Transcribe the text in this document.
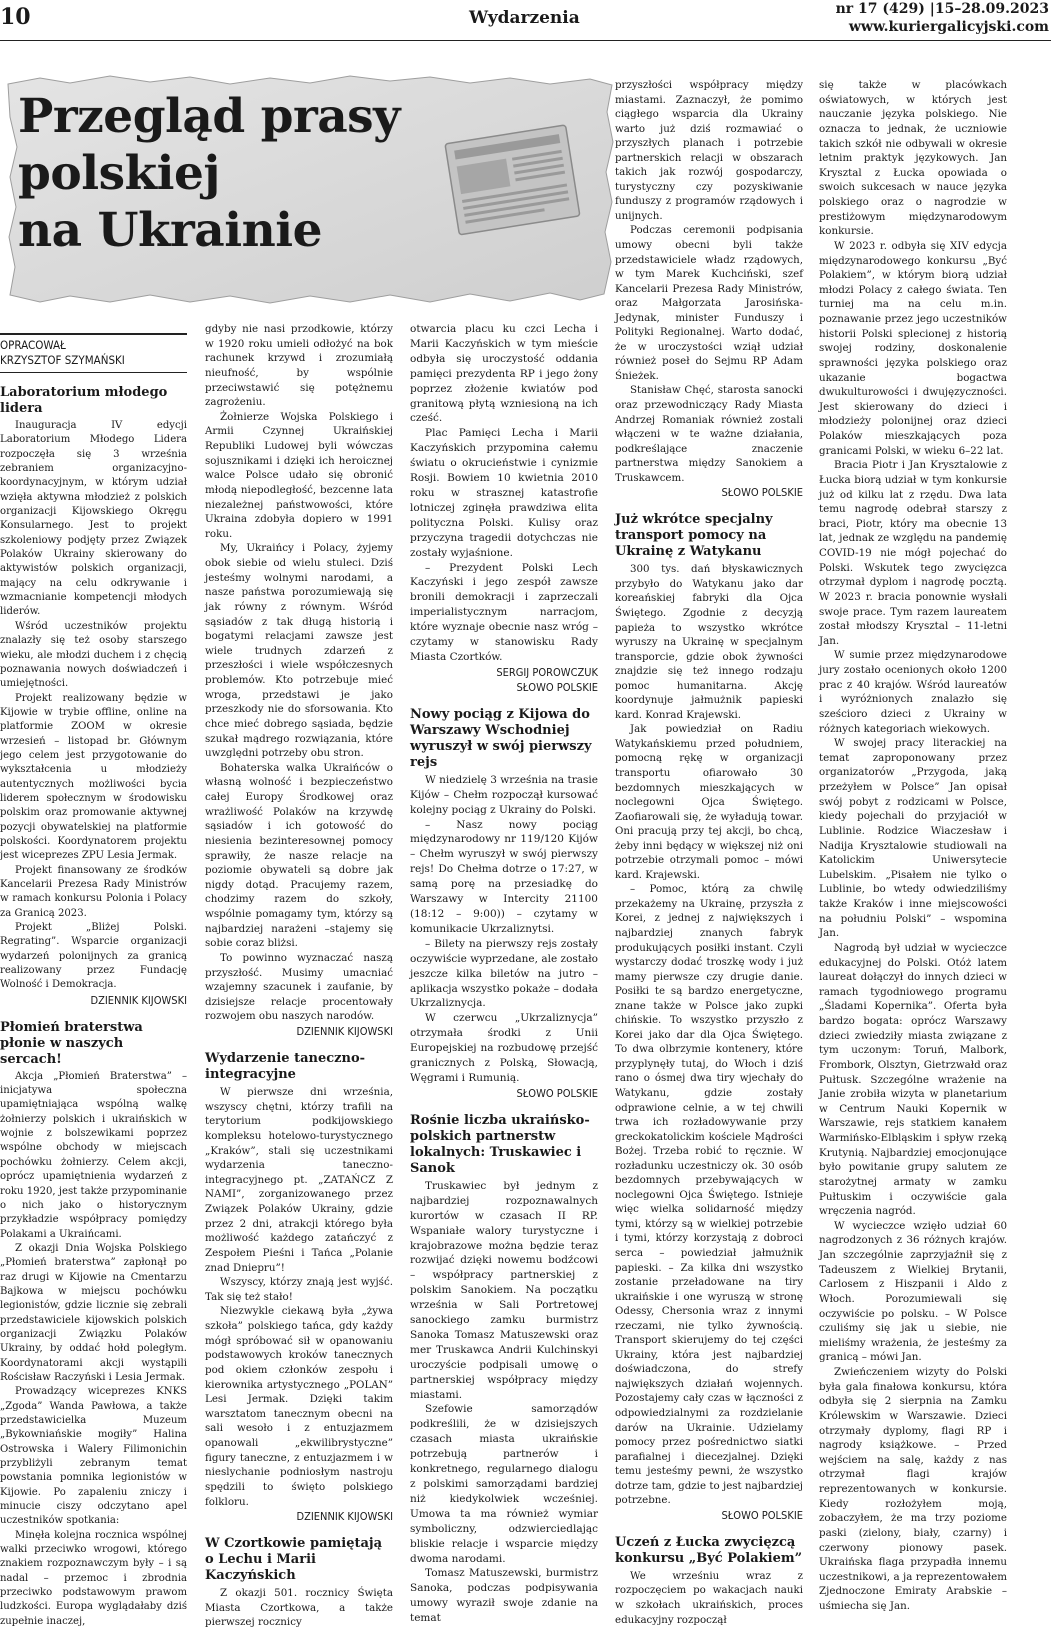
10	Wydarzenia	nr 17 (429) |15–28.09.2023
www.kuriergalicyjski.com
Przegląd prasy
polskiej
na Ukrainie
OPRACOWAŁ
KRZYSZTOF SZYMAŃSKI
Laboratorium młodego lidera

Inauguracja IV edycji Laboratorium Młodego Lidera rozpoczęła się 3 września zebraniem organizacyjno-koordynacyjnym, w którym udział wzięła aktywna młodzież z polskich organizacji Kijowskiego Okręgu Konsularnego. Jest to projekt szkoleniowy podjęty przez Związek Polaków Ukrainy skierowany do aktywistów polskich organizacji, mający na celu odkrywanie i wzmacnianie kompetencji młodych liderów.

Wśród uczestników projektu znalazły się też osoby starszego wieku, ale młodzi duchem i z chęcią poznawania nowych doświadczeń i umiejętności.

Projekt realizowany będzie w Kijowie w trybie offline, online na platformie ZOOM w okresie wrzesień – listopad br. Głównym jego celem jest przygotowanie do wykształcenia u młodzieży autentycznych możliwości bycia liderem społecznym w środowisku polskim oraz promowanie aktywnej pozycji obywatelskiej na platformie polskości. Koordynatorem projektu jest wiceprezes ZPU Lesia Jermak.

Projekt finansowany ze środków Kancelarii Prezesa Rady Ministrów w ramach konkursu Polonia i Polacy za Granicą 2023.

Projekt „Bliżej Polski. Regrating”. Wsparcie organizacji wydarzeń polonijnych za granicą realizowany przez Fundację Wolność i Demokracja.

DZIENNIK KIJOWSKI

Płomień braterstwa płonie w naszych sercach!

Akcja „Płomień Braterstwa” – inicjatywa społeczna upamiętniająca wspólną walkę żołnierzy polskich i ukraińskich w wojnie z bolszewikami poprzez wspólne obchody w miejscach pochówku żołnierzy. Celem akcji, oprócz upamiętnienia wydarzeń z roku 1920, jest także przypominanie o nich jako o historycznym przykładzie współpracy pomiędzy Polakami a Ukraińcami.

Z okazji Dnia Wojska Polskiego „Płomień braterstwa” zapłonął po raz drugi w Kijowie na Cmentarzu Bajkowa w miejscu pochówku legionistów, gdzie licznie się zebrali przedstawiciele kijowskich polskich organizacji Związku Polaków Ukrainy, by oddać hołd poległym. Koordynatorami akcji wystąpili Rościsław Raczyński i Lesia Jermak.

Prowadzący wiceprezes KNKS „Zgoda” Wanda Pawłowa, a także przedstawicielka Muzeum „Bykowniańskie mogiły” Halina Ostrowska i Walery Filimonichin przybliżyli zebranym temat powstania pomnika legionistów w Kijowie. Po zapaleniu zniczy i minucie ciszy odczytano apel uczestników spotkania:

Minęła kolejna rocznica wspólnej walki przeciwko wrogowi, którego znakiem rozpoznawczym były – i są nadal – przemoc i zbrodnia przeciwko podstawowym prawom ludzkości. Europa wyglądałaby dziś zupełnie inaczej,

gdyby nie nasi przodkowie, którzy w 1920 roku umieli odłożyć na bok rachunek krzywd i zrozumiałą nieufność, by wspólnie przeciwstawić się potężnemu zagrożeniu.

Żołnierze Wojska Polskiego i Armii Czynnej Ukraińskiej Republiki Ludowej byli wówczas sojusznikami i dzięki ich heroicznej walce Polsce udało się obronić młodą niepodległość, bezcenne lata niezależnej państwowości, które Ukraina zdobyła dopiero w 1991 roku.

My, Ukraińcy i Polacy, żyjemy obok siebie od wielu stuleci. Dziś jesteśmy wolnymi narodami, a nasze państwa porozumiewają się jak równy z równym. Wśród sąsiadów z tak długą historią i bogatymi relacjami zawsze jest wiele trudnych zdarzeń z przeszłości i wiele współczesnych problemów. Kto potrzebuje mieć wroga, przedstawi je jako przeszkody nie do sforsowania. Kto chce mieć dobrego sąsiada, będzie szukał mądrego rozwiązania, które uwzględni potrzeby obu stron.

Bohaterska walka Ukraińców o własną wolność i bezpieczeństwo całej Europy Środkowej oraz wrażliwość Polaków na krzywdę sąsiadów i ich gotowość do niesienia bezinteresownej pomocy sprawiły, że nasze relacje na poziomie obywateli są dobre jak nigdy dotąd. Pracujemy razem, chodzimy razem do szkoły, wspólnie pomagamy tym, którzy są najbardziej narażeni –stajemy się sobie coraz bliżsi.

To powinno wyznaczać naszą przyszłość. Musimy umacniać wzajemny szacunek i zaufanie, by dzisiejsze relacje procentowały rozwojem obu naszych narodów.

DZIENNIK KIJOWSKI

Wydarzenie taneczno-integracyjne

W pierwsze dni września, wszyscy chętni, którzy trafili na terytorium podkijowskiego kompleksu hotelowo-turystycznego „Kraków”, stali się uczestnikami wydarzenia taneczno-integracyjnego pt. „ZATAŃCZ Z NAMI”, zorganizowanego przez Związek Polaków Ukrainy, gdzie przez 2 dni, atrakcji którego była możliwość każdego zatańczyć z Zespołem Pieśni i Tańca „Polanie znad Dniepru”!

Wszyscy, którzy znają jest wyjść. Tak się też stało!

Niezwykle ciekawą była „żywa szkoła” polskiego tańca, gdy każdy mógł spróbować sił w opanowaniu podstawowych kroków tanecznych pod okiem członków zespołu i kierownika artystycznego „POLAN” Lesi Jermak. Dzięki takim warsztatom tanecznym obecni na sali wesoło i z entuzjazmem opanowali „ekwilibrystyczne” figury taneczne, z entuzjazmem i w nieslychanie podniosłym nastroju spędzili to święto polskiego folkloru.

DZIENNIK KIJOWSKI

W Czortkowie pamiętają o Lechu i Marii Kaczyńskich

Z okazji 501. rocznicy Święta Miasta Czortkowa, a także pierwszej rocznicy

otwarcia placu ku czci Lecha i Marii Kaczyńskich w tym mieście odbyła się uroczystość oddania pamięci prezydenta RP i jego żony poprzez złożenie kwiatów pod granitową płytą wzniesioną na ich cześć.

Plac Pamięci Lecha i Marii Kaczyńskich przypomina całemu światu o okrucieństwie i cynizmie Rosji. Bowiem 10 kwietnia 2010 roku w strasznej katastrofie lotniczej zginęła prawdziwa elita polityczna Polski. Kulisy oraz przyczyna tragedii dotychczas nie zostały wyjaśnione.

– Prezydent Polski Lech Kaczyński i jego zespół zawsze bronili demokracji i zaprzeczali imperialistycznym narracjom, które wyznaje obecnie nasz wróg – czytamy w stanowisku Rady Miasta Czortków.

SERGIJ POROWCZUK

SŁOWO POLSKIE

Nowy pociąg z Kijowa do Warszawy Wschodniej wyruszył w swój pierwszy rejs

W niedzielę 3 września na trasie Kijów – Chełm rozpoczął kursować kolejny pociąg z Ukrainy do Polski.

– Nasz nowy pociąg międzynarodowy nr 119/120 Kijów – Chełm wyruszył w swój pierwszy rejs! Do Chełma dotrze o 17:27, w samą porę na przesiadkę do Warszawy w Intercity 21100 (18:12 – 9:00)) – czytamy w komunikacie Ukrzaliznytsi.

– Bilety na pierwszy rejs zostały oczywiście wyprzedane, ale zostało jeszcze kilka biletów na jutro – aplikacja wszystko pokaże – dodała Ukrzaliznycja.

W czerwcu „Ukrzaliznycja” otrzymała środki z Unii Europejskiej na rozbudowę przejść granicznych z Polską, Słowacją, Węgrami i Rumunią.

SŁOWO POLSKIE

Rośnie liczba ukraińsko-polskich partnerstw lokalnych: Truskawiec i Sanok

Truskawiec był jednym z najbardziej rozpoznawalnych kurortów w czasach II RP. Wspaniałe walory turystyczne i krajobrazowe można będzie teraz rozwijać dzięki nowemu bodźcowi – współpracy partnerskiej z polskim Sanokiem. Na początku września w Sali Portretowej sanockiego zamku burmistrz Sanoka Tomasz Matuszewski oraz mer Truskawca Andrii Kulchinskyi uroczyście podpisali umowę o partnerskiej współpracy między miastami.

Szefowie samorządów podkreślili, że w dzisiejszych czasach miasta ukraińskie potrzebują partnerów i konkretnego, regularnego dialogu z polskimi samorządami bardziej niż kiedykolwiek wcześniej. Umowa ta ma również wymiar symboliczny, odzwierciedlając bliskie relacje i wsparcie między dwoma narodami.

Tomasz Matuszewski, burmistrz Sanoka, podczas podpisywania umowy wyraził swoje zdanie na temat

przyszłości współpracy między miastami. Zaznaczył, że pomimo ciągłego wsparcia dla Ukrainy warto już dziś rozmawiać o przyszłych planach i potrzebie partnerskich relacji w obszarach takich jak rozwój gospodarczy, turystyczny czy pozyskiwanie funduszy z programów rządowych i unijnych.

Podczas ceremonii podpisania umowy obecni byli także przedstawiciele władz rządowych, w tym Marek Kuchciński, szef Kancelarii Prezesa Rady Ministrów, oraz Małgorzata Jarosińska-Jedynak, minister Funduszy i Polityki Regionalnej. Warto dodać, że w uroczystości wziął udział również poseł do Sejmu RP Adam Śnieżek.

Stanisław Chęć, starosta sanocki oraz przewodniczący Rady Miasta Andrzej Romaniak również zostali włączeni w te ważne działania, podkreślające znaczenie partnerstwa między Sanokiem a Truskawcem.

SŁOWO POLSKIE

Już wkrótce specjalny transport pomocy na Ukrainę z Watykanu

300 tys. dań błyskawicznych przybyło do Watykanu jako dar koreańskiej fabryki dla Ojca Świętego. Zgodnie z decyzją papieża to wszystko wkrótce wyruszy na Ukrainę w specjalnym transporcie, gdzie obok żywności znajdzie się też innego rodzaju pomoc humanitarna. Akcję koordynuje jałmużnik papieski kard. Konrad Krajewski.

Jak powiedział on Radiu Watykańskiemu przed południem, pomocną rękę w organizacji transportu ofiarowało 30 bezdomnych mieszkających w noclegowni Ojca Świętego. Zaofiarowali się, że wyładują towar. Oni pracują przy tej akcji, bo chcą, żeby inni będący w większej niż oni potrzebie otrzymali pomoc – mówi kard. Krajewski.

– Pomoc, którą za chwilę przekażemy na Ukrainę, przyszła z Korei, z jednej z największych i najbardziej znanych fabryk produkujących posiłki instant. Czyli wystarczy dodać troszkę wody i już mamy pierwsze czy drugie danie. Posiłki te są bardzo energetyczne, znane także w Polsce jako zupki chińskie. To wszystko przyszło z Korei jako dar dla Ojca Świętego. To dwa olbrzymie kontenery, które przyplynęły tutaj, do Włoch i dziś rano o ósmej dwa tiry wjechały do Watykanu, gdzie zostały odprawione celnie, a w tej chwili trwa ich rozładowywanie przy greckokatolickim kościele Mądrości Bożej. Trzeba robić to ręcznie. W rozładunku uczestniczy ok. 30 osób bezdomnych przebywających w noclegowni Ojca Świętego. Istnieje więc wielka solidarność między tymi, którzy są w wielkiej potrzebie i tymi, którzy korzystają z dobroci serca – powiedział jałmużnik papieski. – Za kilka dni wszystko zostanie przeładowane na tiry ukraińskie i one wyruszą w stronę Odessy, Chersonia wraz z innymi rzeczami, nie tylko żywnością. Transport skierujemy do tej części Ukrainy, która jest najbardziej doświadczona, do strefy największych działań wojennych. Pozostajemy cały czas w łączności z odpowiedzialnymi za rozdzielanie darów na Ukrainie. Udzielamy pomocy przez pośrednictwo siatki parafialnej i diecezjalnej. Dzięki temu jesteśmy pewni, że wszystko dotrze tam, gdzie to jest najbardziej potrzebne.

SŁOWO POLSKIE

Uczeń z Łucka zwycięzcą konkursu „Być Polakiem”

We wrześniu wraz z rozpoczęciem po wakacjach nauki w szkołach ukraińskich, proces edukacyjny rozpoczął

się także w placówkach oświatowych, w których jest nauczanie języka polskiego. Nie oznacza to jednak, że uczniowie takich szkół nie odbywali w okresie letnim praktyk językowych. Jan Krysztal z Łucka opowiada o swoich sukcesach w nauce języka polskiego oraz o nagrodzie w prestiżowym międzynarodowym konkursie.

W 2023 r. odbyła się XIV edycja międzynarodowego konkursu „Być Polakiem”, w którym biorą udział młodzi Polacy z całego świata. Ten turniej ma na celu m.in. poznawanie przez jego uczestników historii Polski splecionej z historią swojej rodziny, doskonalenie sprawności języka polskiego oraz ukazanie bogactwa dwukulturowości i dwujęzyczności. Jest skierowany do dzieci i młodzieży polonijnej oraz dzieci Polaków mieszkających poza granicami Polski, w wieku 6–22 lat.

Bracia Piotr i Jan Krysztalowie z Łucka biorą udział w tym konkursie już od kilku lat z rzędu. Dwa lata temu nagrodę odebrał starszy z braci, Piotr, który ma obecnie 13 lat, jednak ze względu na pandemię COVID-19 nie mógł pojechać do Polski. Wskutek tego zwycięzca otrzymał dyplom i nagrodę pocztą. W 2023 r. bracia ponownie wysłali swoje prace. Tym razem laureatem został młodszy Krysztal – 11-letni Jan.

W sumie przez międzynarodowe jury zostało ocenionych około 1200 prac z 40 krajów. Wśród laureatów i wyróżnionych znalazło się sześcioro dzieci z Ukrainy w różnych kategoriach wiekowych.

W swojej pracy literackiej na temat zaproponowany przez organizatorów „Przygoda, jaką przeżyłem w Polsce” Jan opisał swój pobyt z rodzicami w Polsce, kiedy pojechali do przyjaciół w Lublinie. Rodzice Wiaczesław i Nadija Krysztalowie studiowali na Katolickim Uniwersytecie Lubelskim. „Pisałem nie tylko o Lublinie, bo wtedy odwiedziliśmy także Kraków i inne miejscowości na południu Polski” – wspomina Jan.

Nagrodą był udział w wycieczce edukacyjnej do Polski. Otóż latem laureat dołączył do innych dzieci w ramach tygodniowego programu „Śladami Kopernika”. Oferta była bardzo bogata: oprócz Warszawy dzieci zwiedziły miasta związane z tym uczonym: Toruń, Malbork, Frombork, Olsztyn, Gietrzwałd oraz Pułtusk. Szczególne wrażenie na Janie zrobiła wizyta w planetarium w Centrum Nauki Kopernik w Warszawie, rejs statkiem kanałem Warmińsko-Elbląskim i spływ rzeką Krutynią. Najbardziej emocjonujące było powitanie grupy salutem ze starożytnej armaty w zamku Pułtuskim i oczywiście gala wręczenia nagród.

W wycieczce wzięło udział 60 nagrodzonych z 36 różnych krajów. Jan szczególnie zaprzyjaźnił się z Tadeuszem z Wielkiej Brytanii, Carlosem z Hiszpanii i Aldo z Włoch. Porozumiewali się oczywiście po polsku. – W Polsce czuliśmy się jak u siebie, nie mieliśmy wrażenia, że jesteśmy za granicą – mówi Jan.

Zwieńczeniem wizyty do Polski była gala finałowa konkursu, która odbyła się 2 sierpnia na Zamku Królewskim w Warszawie. Dzieci otrzymały dyplomy, flagi RP i nagrody książkowe. – Przed wejściem na salę, każdy z nas otrzymał flagi krajów reprezentowanych w konkursie. Kiedy rozłożyłem moją, zobaczyłem, że ma trzy poziome paski (zielony, biały, czarny) i czerwony pionowy pasek. Ukraińska flaga przypadła innemu uczestnikowi, a ja reprezentowałem Zjednoczone Emiraty Arabskie – uśmiecha się Jan.
